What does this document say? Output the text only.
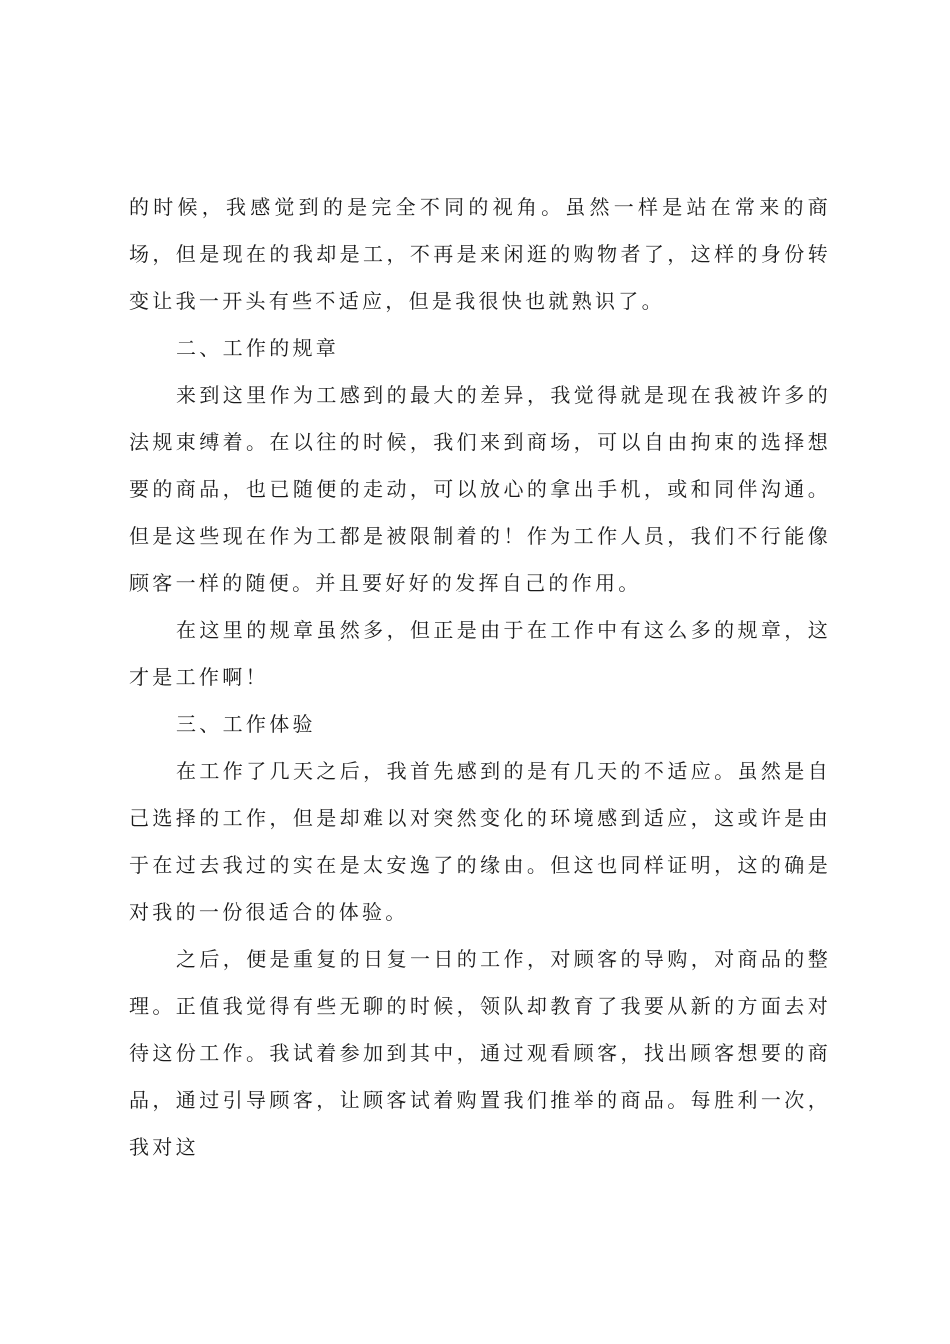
的时候，我感觉到的是完全不同的视角。虽然一样是站在常来的商场，但是现在的我却是工，不再是来闲逛的购物者了，这样的身份转变让我一开头有些不适应，但是我很快也就熟识了。

二、工作的规章

来到这里作为工感到的最大的差异，我觉得就是现在我被许多的法规束缚着。在以往的时候，我们来到商场，可以自由拘束的选择想要的商品，也已随便的走动，可以放心的拿出手机，或和同伴沟通。但是这些现在作为工都是被限制着的！作为工作人员，我们不行能像顾客一样的随便。并且要好好的发挥自己的作用。

在这里的规章虽然多，但正是由于在工作中有这么多的规章，这才是工作啊！

三、工作体验

在工作了几天之后，我首先感到的是有几天的不适应。虽然是自己选择的工作，但是却难以对突然变化的环境感到适应，这或许是由于在过去我过的实在是太安逸了的缘由。但这也同样证明，这的确是对我的一份很适合的体验。

之后，便是重复的日复一日的工作，对顾客的导购，对商品的整理。正值我觉得有些无聊的时候，领队却教育了我要从新的方面去对待这份工作。我试着参加到其中，通过观看顾客，找出顾客想要的商品，通过引导顾客，让顾客试着购置我们推举的商品。每胜利一次，我对这
